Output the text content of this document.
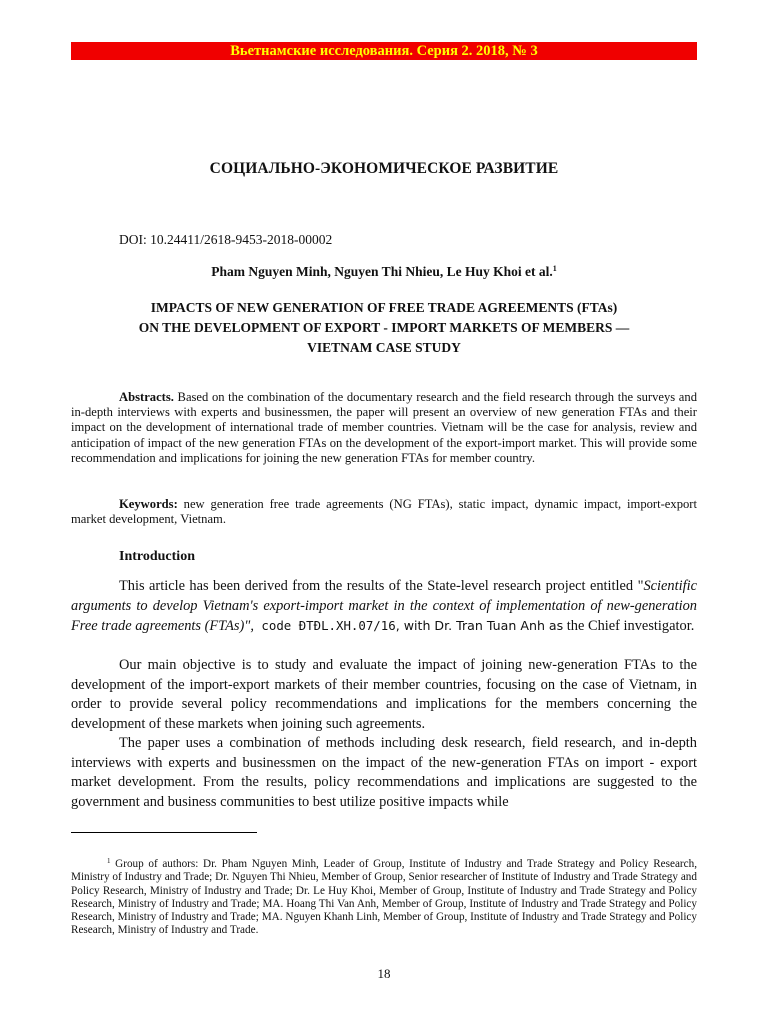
Вьетнамские исследования. Серия 2. 2018, № 3
СОЦИАЛЬНО-ЭКОНОМИЧЕСКОЕ РАЗВИТИЕ
DOI: 10.24411/2618-9453-2018-00002
Pham Nguyen Minh, Nguyen Thi Nhieu, Le Huy Khoi et al.$^1$
IMPACTS OF NEW GENERATION OF FREE TRADE AGREEMENTS (FTAs)
ON THE DEVELOPMENT OF EXPORT - IMPORT MARKETS OF MEMBERS —
VIETNAM CASE STUDY

Abstracts. Based on the combination of the documentary research and the field research through the surveys and in-depth interviews with experts and businessmen, the paper will present an overview of new generation FTAs and their impact on the development of international trade of member countries. Vietnam will be the case for analysis, review and anticipation of impact of the new generation FTAs on the development of the export-import market. This will provide some recommendation and implications for joining the new generation FTAs for member country.

Keywords: new generation free trade agreements (NG FTAs), static impact, dynamic impact, import-export market development, Vietnam.

Introduction

This article has been derived from the results of the State-level research project entitled "Scientific arguments to develop Vietnam's export-import market in the context of implementation of new-generation Free trade agreements (FTAs)", code ĐTĐL.XH.07/16, with Dr. Tran Tuan Anh as the Chief investigator.

Our main objective is to study and evaluate the impact of joining new-generation FTAs to the development of the import-export markets of their member countries, focusing on the case of Vietnam, in order to provide several policy recommendations and implications for the members concerning the development of these markets when joining such agreements.

The paper uses a combination of methods including desk research, field research, and in-depth interviews with experts and businessmen on the impact of the new-generation FTAs on import - export market development. From the results, policy recommendations and implications are suggested to the government and business communities to best utilize positive impacts while

$^1$ Group of authors: Dr. Pham Nguyen Minh, Leader of Group, Institute of Industry and Trade Strategy and Policy Research, Ministry of Industry and Trade; Dr. Nguyen Thi Nhieu, Member of Group, Senior researcher of Institute of Industry and Trade Strategy and Policy Research, Ministry of Industry and Trade; Dr. Le Huy Khoi, Member of Group, Institute of Industry and Trade Strategy and Policy Research, Ministry of Industry and Trade; MA. Hoang Thi Van Anh, Member of Group, Institute of Industry and Trade Strategy and Policy Research, Ministry of Industry and Trade; MA. Nguyen Khanh Linh, Member of Group, Institute of Industry and Trade Strategy and Policy Research, Ministry of Industry and Trade.

18
